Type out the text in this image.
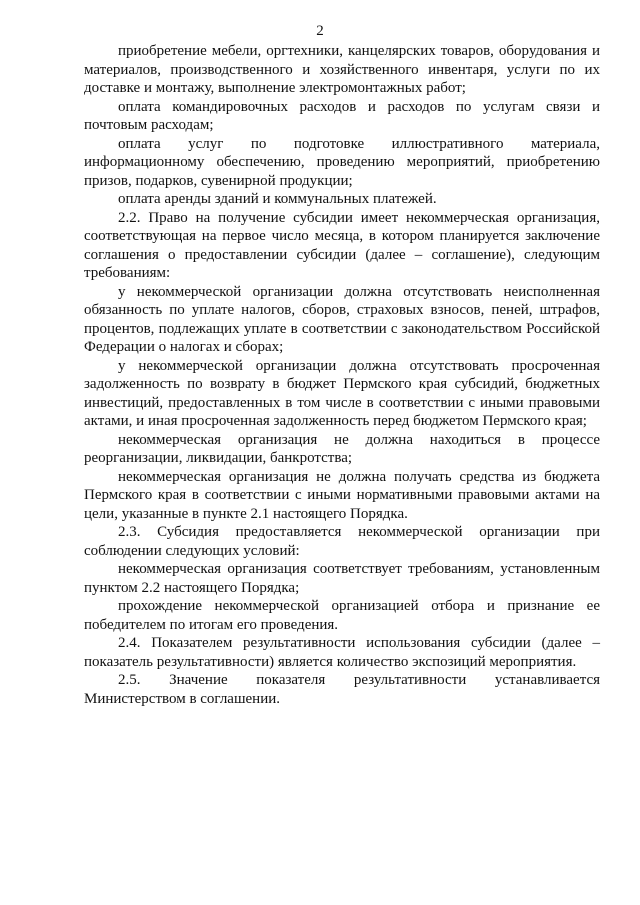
2

приобретение мебели, оргтехники, канцелярских товаров, оборудования и материалов, производственного и хозяйственного инвентаря, услуги по их доставке и монтажу, выполнение электромонтажных работ;

оплата командировочных расходов и расходов по услугам связи и почтовым расходам;

оплата услуг по подготовке иллюстративного материала, информационному обеспечению, проведению мероприятий, приобретению призов, подарков, сувенирной продукции;

оплата аренды зданий и коммунальных платежей.

2.2. Право на получение субсидии имеет некоммерческая организация, соответствующая на первое число месяца, в котором планируется заключение соглашения о предоставлении субсидии (далее – соглашение), следующим требованиям:

у некоммерческой организации должна отсутствовать неисполненная обязанность по уплате налогов, сборов, страховых взносов, пеней, штрафов, процентов, подлежащих уплате в соответствии с законодательством Российской Федерации о налогах и сборах;

у некоммерческой организации должна отсутствовать просроченная задолженность по возврату в бюджет Пермского края субсидий, бюджетных инвестиций, предоставленных в том числе в соответствии с иными правовыми актами, и иная просроченная задолженность перед бюджетом Пермского края;

некоммерческая организация не должна находиться в процессе реорганизации, ликвидации, банкротства;

некоммерческая организация не должна получать средства из бюджета Пермского края в соответствии с иными нормативными правовыми актами на цели, указанные в пункте 2.1 настоящего Порядка.

2.3. Субсидия предоставляется некоммерческой организации при соблюдении следующих условий:

некоммерческая организация соответствует требованиям, установленным пунктом 2.2 настоящего Порядка;

прохождение некоммерческой организацией отбора и признание ее победителем по итогам его проведения.

2.4. Показателем результативности использования субсидии (далее – показатель результативности) является количество экспозиций мероприятия.

2.5. Значение показателя результативности устанавливается Министерством в соглашении.
